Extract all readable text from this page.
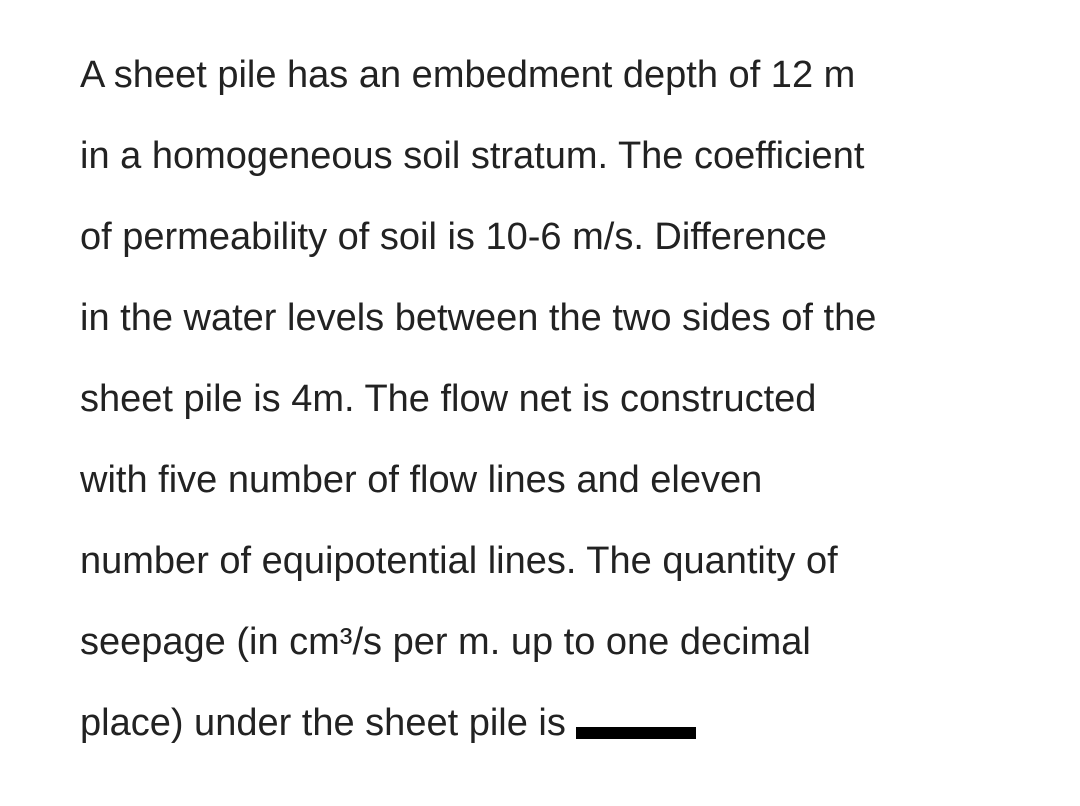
A sheet pile has an embedment depth of 12 m
in a homogeneous soil stratum. The coefficient
of permeability of soil is 10-6 m/s. Difference
in the water levels between the two sides of the
sheet pile is 4m. The flow net is constructed
with five number of flow lines and eleven
number of equipotential lines. The quantity of
seepage (in cm³/s per m. up to one decimal
place) under the sheet pile is
